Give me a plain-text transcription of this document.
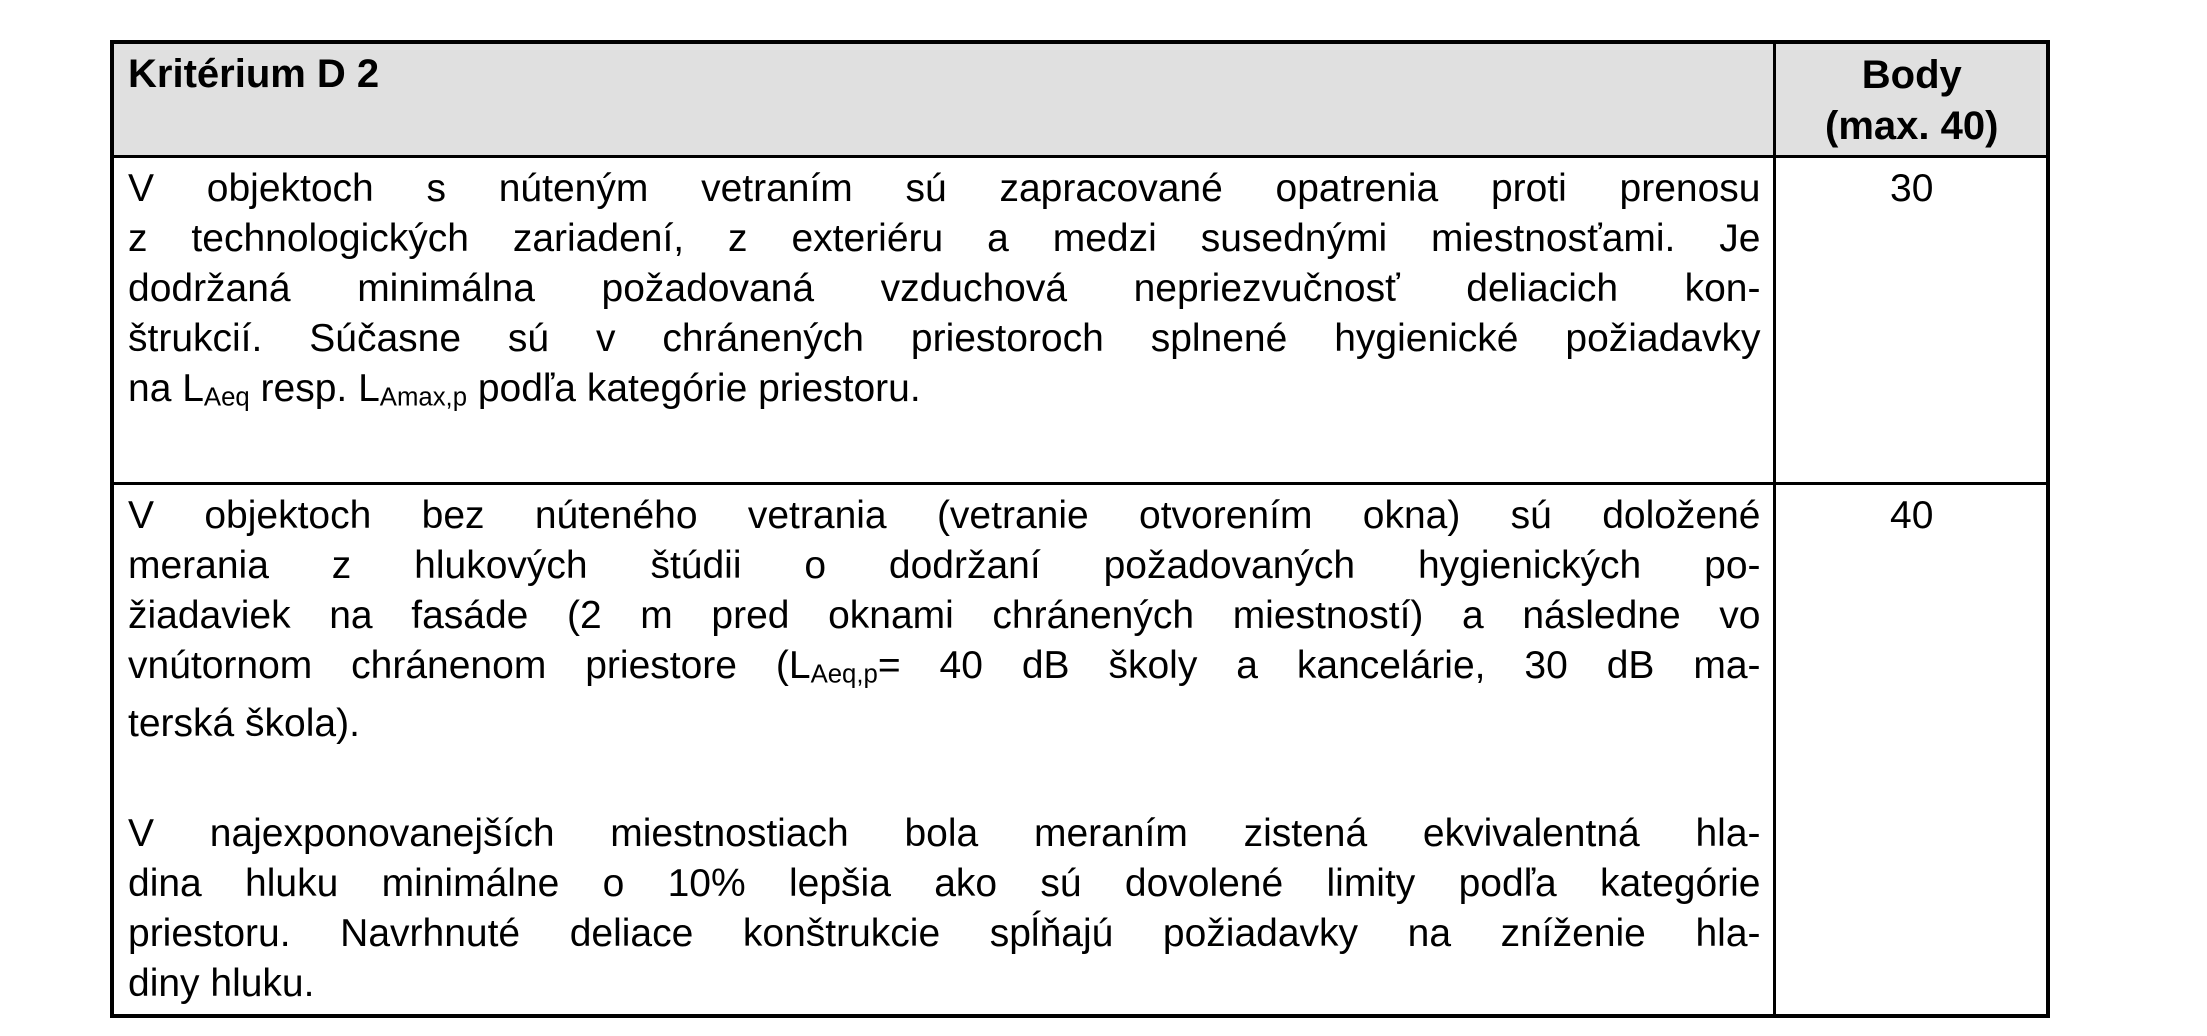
Kritérium D 2	Body
(max. 40)

V objektoch s núteným vetraním sú zapracované opatrenia proti prenosu
z technologických zariadení, z exteriéru a medzi susednými miestnosťami. Je
dodržaná minimálna požadovaná vzduchová nepriezvučnosť deliacich kon-
štrukcií. Súčasne sú v chránených priestoroch splnené hygienické požiadavky
na LAeq resp. LAmax,p podľa kategórie priestoru.	30

V objektoch bez núteného vetrania (vetranie otvorením okna) sú doložené
merania z hlukových štúdii o dodržaní požadovaných hygienických po-
žiadaviek na fasáde (2 m pred oknami chránených miestností) a následne vo
vnútornom chránenom priestore (LAeq,p= 40 dB školy a kancelárie, 30 dB ma-
terská škola).
V najexponovanejších miestnostiach bola meraním zistená ekvivalentná hla-
dina hluku minimálne o 10% lepšia ako sú dovolené limity podľa kategórie
priestoru. Navrhnuté deliace konštrukcie spĺňajú požiadavky na zníženie hla-
diny hluku.
	40
